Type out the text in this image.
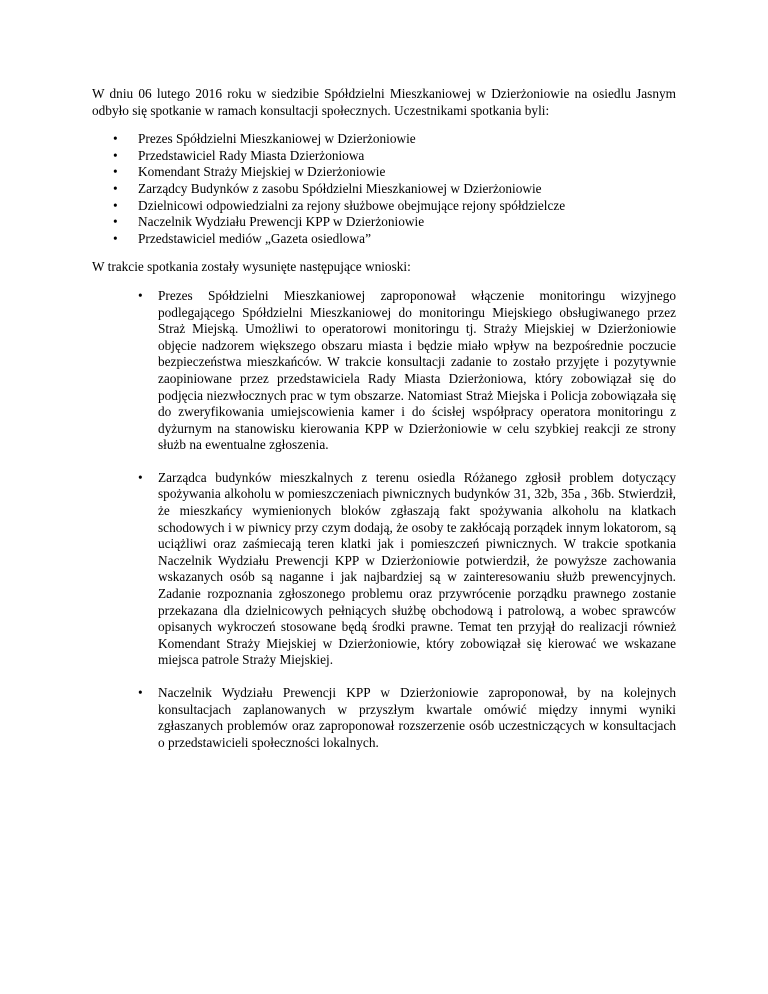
W dniu 06 lutego 2016 roku w siedzibie Spółdzielni Mieszkaniowej w Dzierżoniowie na osiedlu Jasnym odbyło się spotkanie w ramach konsultacji społecznych. Uczestnikami spotkania byli:

• Prezes Spółdzielni Mieszkaniowej w Dzierżoniowie
• Przedstawiciel Rady Miasta Dzierżoniowa
• Komendant Straży Miejskiej w Dzierżoniowie
• Zarządcy Budynków z zasobu Spółdzielni Mieszkaniowej w Dzierżoniowie
• Dzielnicowi odpowiedzialni za rejony służbowe obejmujące rejony spółdzielcze
• Naczelnik Wydziału Prewencji KPP w Dzierżoniowie
• Przedstawiciel mediów „Gazeta osiedlowa”

W trakcie spotkania zostały wysunięte następujące wnioski:

• Prezes Spółdzielni Mieszkaniowej zaproponował włączenie monitoringu wizyjnego podlegającego Spółdzielni Mieszkaniowej do monitoringu Miejskiego obsługiwanego przez Straż Miejską. Umożliwi to operatorowi monitoringu tj. Straży Miejskiej w Dzierżoniowie objęcie nadzorem większego obszaru miasta i będzie miało wpływ na bezpośrednie poczucie bezpieczeństwa mieszkańców. W trakcie konsultacji zadanie to zostało przyjęte i pozytywnie zaopiniowane przez przedstawiciela Rady Miasta Dzierżoniowa, który zobowiązał się do podjęcia niezwłocznych prac w tym obszarze. Natomiast Straż Miejska i Policja zobowiązała się do zweryfikowania umiejscowienia kamer i do ścisłej współpracy operatora monitoringu z dyżurnym na stanowisku kierowania KPP w Dzierżoniowie w celu szybkiej reakcji ze strony służb na ewentualne zgłoszenia.
• Zarządca budynków mieszkalnych z terenu osiedla Różanego zgłosił problem dotyczący spożywania alkoholu w pomieszczeniach piwnicznych budynków 31, 32b, 35a , 36b. Stwierdził, że mieszkańcy wymienionych bloków zgłaszają fakt spożywania alkoholu na klatkach schodowych i w piwnicy przy czym dodają, że osoby te zakłócają porządek innym lokatorom, są uciążliwi oraz zaśmiecają teren klatki jak i pomieszczeń piwnicznych. W trakcie spotkania Naczelnik Wydziału Prewencji KPP w Dzierżoniowie potwierdził, że powyższe zachowania wskazanych osób są naganne i jak najbardziej są w zainteresowaniu służb prewencyjnych. Zadanie rozpoznania zgłoszonego problemu oraz przywrócenie porządku prawnego zostanie przekazana dla dzielnicowych pełniących służbę obchodową i patrolową, a wobec sprawców opisanych wykroczeń stosowane będą środki prawne. Temat ten przyjął do realizacji również Komendant Straży Miejskiej w Dzierżoniowie, który zobowiązał się kierować we wskazane miejsca patrole Straży Miejskiej.
• Naczelnik Wydziału Prewencji KPP w Dzierżoniowie zaproponował, by na kolejnych konsultacjach zaplanowanych w przyszłym kwartale omówić między innymi wyniki zgłaszanych problemów oraz zaproponował rozszerzenie osób uczestniczących w konsultacjach o przedstawicieli społeczności lokalnych.
